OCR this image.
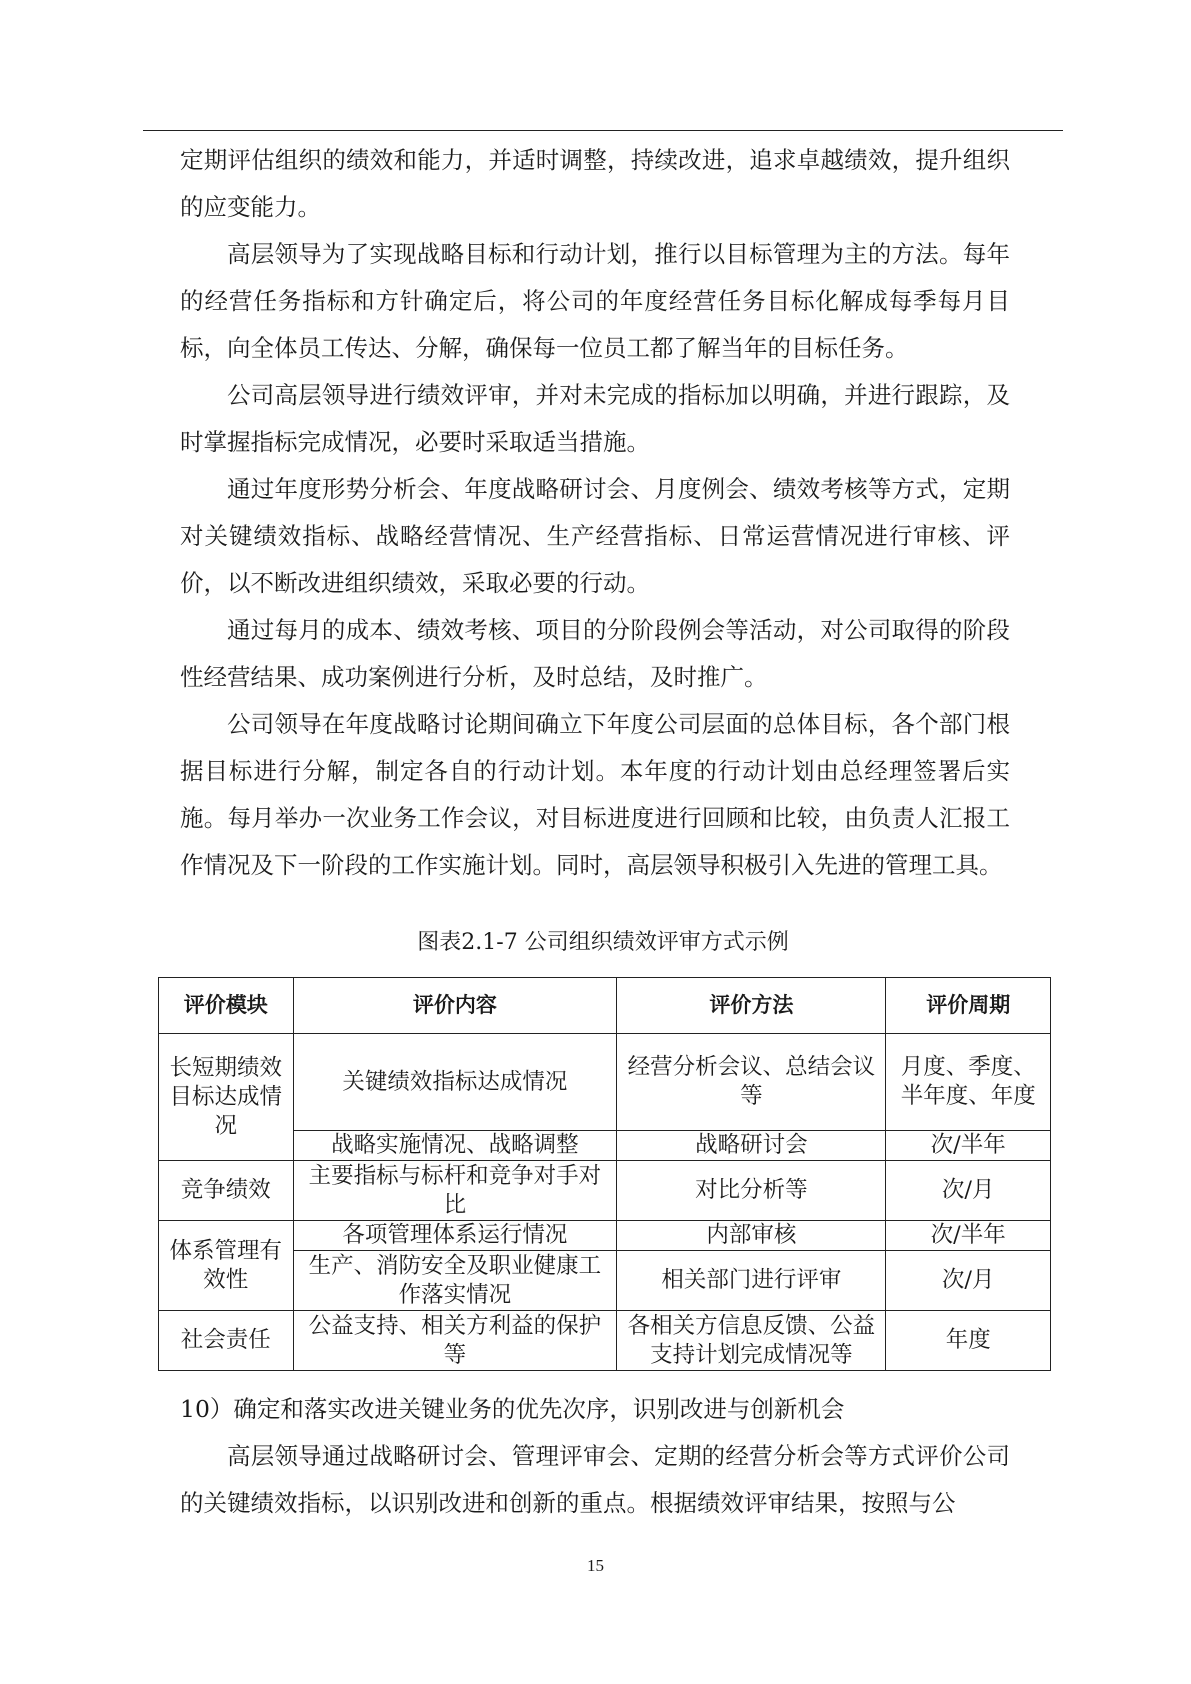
定期评估组织的绩效和能力，并适时调整，持续改进，追求卓越绩效，提升组织的应变能力。

高层领导为了实现战略目标和行动计划，推行以目标管理为主的方法。每年的经营任务指标和方针确定后，将公司的年度经营任务目标化解成每季每月目标，向全体员工传达、分解，确保每一位员工都了解当年的目标任务。

公司高层领导进行绩效评审，并对未完成的指标加以明确，并进行跟踪，及时掌握指标完成情况，必要时采取适当措施。

通过年度形势分析会、年度战略研讨会、月度例会、绩效考核等方式，定期对关键绩效指标、战略经营情况、生产经营指标、日常运营情况进行审核、评价，以不断改进组织绩效，采取必要的行动。

通过每月的成本、绩效考核、项目的分阶段例会等活动，对公司取得的阶段性经营结果、成功案例进行分析，及时总结，及时推广。

公司领导在年度战略讨论期间确立下年度公司层面的总体目标，各个部门根据目标进行分解，制定各自的行动计划。本年度的行动计划由总经理签署后实施。每月举办一次业务工作会议，对目标进度进行回顾和比较，由负责人汇报工作情况及下一阶段的工作实施计划。同时，高层领导积极引入先进的管理工具。

图表2.1-7 公司组织绩效评审方式示例
评价模块	评价内容	评价方法	评价周期
长短期绩效目标达成情况	关键绩效指标达成情况	经营分析会议、总结会议等	月度、季度、半年度、年度
	战略实施情况、战略调整	战略研讨会	次/半年
竞争绩效	主要指标与标杆和竞争对手对比	对比分析等	次/月
体系管理有效性	各项管理体系运行情况	内部审核	次/半年
	生产、消防安全及职业健康工作落实情况	相关部门进行评审	次/月
社会责任	公益支持、相关方利益的保护等	各相关方信息反馈、公益支持计划完成情况等	年度

10）确定和落实改进关键业务的优先次序，识别改进与创新机会

高层领导通过战略研讨会、管理评审会、定期的经营分析会等方式评价公司的关键绩效指标，以识别改进和创新的重点。根据绩效评审结果，按照与公

15
